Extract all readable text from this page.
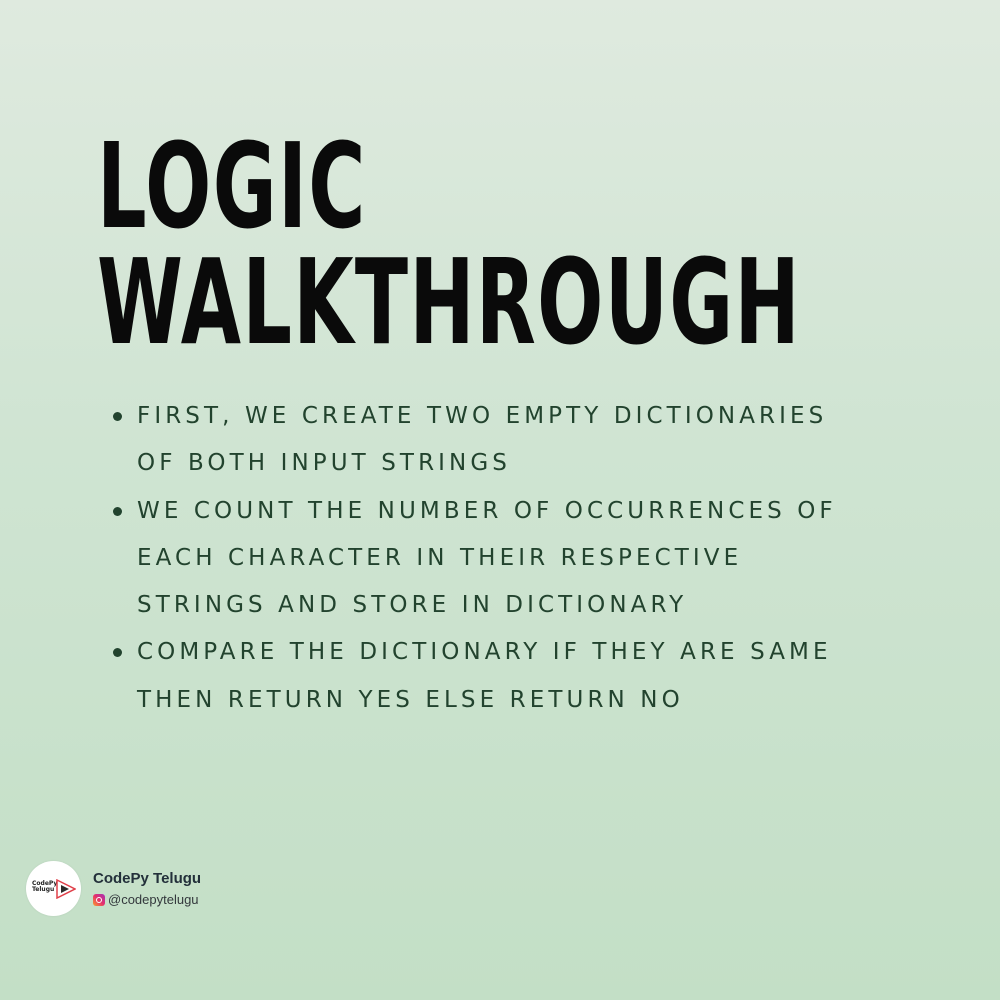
LOGIC
WALKTHROUGH
FIRST, WE CREATE TWO EMPTY DICTIONARIES
OF BOTH INPUT STRINGS
WE COUNT THE NUMBER OF OCCURRENCES OF
EACH CHARACTER IN THEIR RESPECTIVE
STRINGS AND STORE IN DICTIONARY
COMPARE THE DICTIONARY IF THEY ARE SAME
THEN RETURN YES ELSE RETURN NO
CodePy
Telugu
CodePy Telugu
@codepytelugu
